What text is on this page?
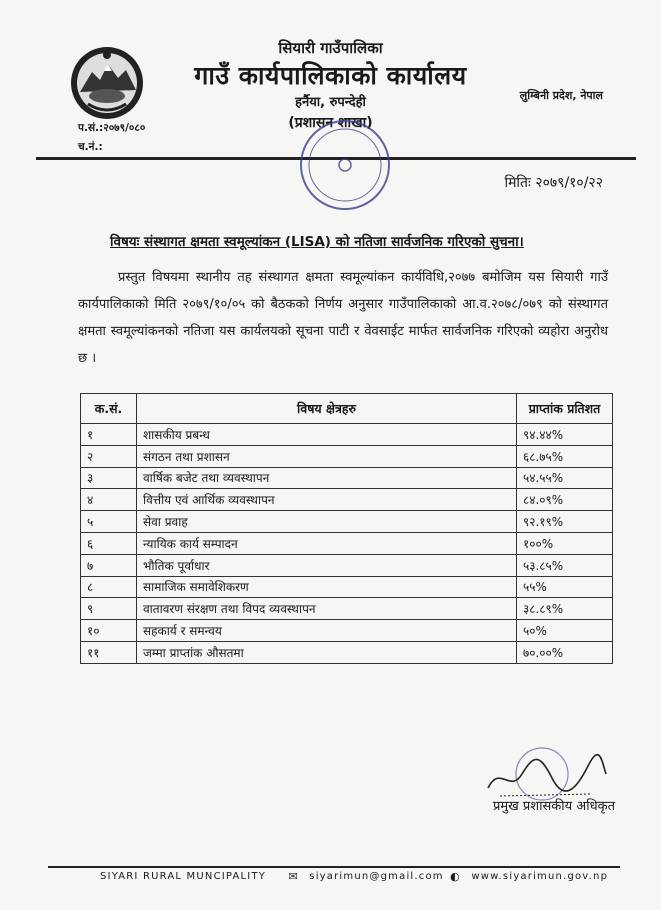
सियारी गाउँपालिका
गाउँ कार्यपालिकाको कार्यालय
हर्नैया, रुपन्देही	लुम्बिनी प्रदेश, नेपाल
(प्रशासन शाखा)
प.सं.:२०७९/०८०
च.नं.:
मितिः २०७९/१०/२२
विषयः संस्थागत क्षमता स्वमूल्यांकन (LISA) को नतिजा सार्वजनिक गरिएको सुचना।
प्रस्तुत विषयमा स्थानीय तह संस्थागत क्षमता स्वमूल्यांकन कार्यविधि,२०७७ बमोजिम यस सियारी गाउँ कार्यपालिकाको मिति २०७९/१०/०५ को बैठकको निर्णय अनुसार गाउँपालिकाको आ.व.२०७८/०७९ को संस्थागत क्षमता स्वमूल्यांकनको नतिजा यस कार्यलयको सूचना पाटी र वेवसाईट मार्फत सार्वजनिक गरिएको व्यहोरा अनुरोध छ ।
क.सं.	विषय क्षेत्रहरु	प्राप्तांक प्रतिशत
१	शासकीय प्रबन्ध	९४.४४%
२	संगठन तथा प्रशासन	६८.७५%
३	वार्षिक बजेट तथा व्यवस्थापन	५४.५५%
४	वित्तीय एवं आर्थिक व्यवस्थापन	८४.०९%
५	सेवा प्रवाह	९२.१९%
६	न्यायिक कार्य सम्पादन	१००%
७	भौतिक पूर्वाधार	५३.८५%
८	सामाजिक समावेशिकरण	५५%
९	वातावरण संरक्षण तथा विपद व्यवस्थापन	३८.८९%
१०	सहकार्य र समन्वय	५०%
११	जम्मा प्राप्तांक औसतमा	७०.००%
प्रमुख प्रशासकीय अधिकृत
SIYARI RURAL MUNCIPALITY ✉ siyarimun@gmail.com ◐ www.siyarimun.gov.np
